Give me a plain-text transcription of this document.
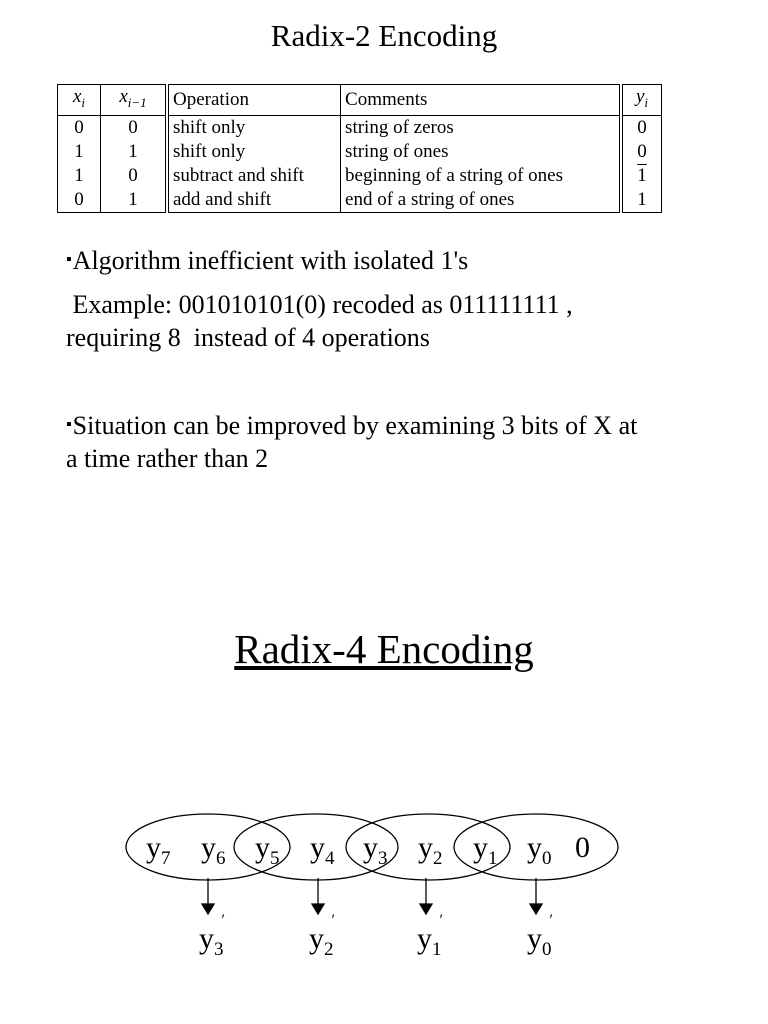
Radix-2 Encoding
$x_i$	$x_{i-1}$	Operation	Comments	$y_i$
0	0	shift only	string of zeros	0
1	1	shift only	string of ones	0
1	0	subtract and shift	beginning of a string of ones	1
0	1	add and shift	end of a string of ones	1
▪Algorithm inefficient with isolated 1's
Example: 001010101(0) recoded as 011111111 ,
requiring 8  instead of 4 operations
▪Situation can be improved by examining 3 bits of X at
a time rather than 2
Radix-4 Encoding
$y_7$ $y_6$ $y_5$ $y_4$ $y_3$ $y_2$ $y_1$ $y_0$ 0
$y_3'$
$y_2'$
$y_1'$
$y_0'$
